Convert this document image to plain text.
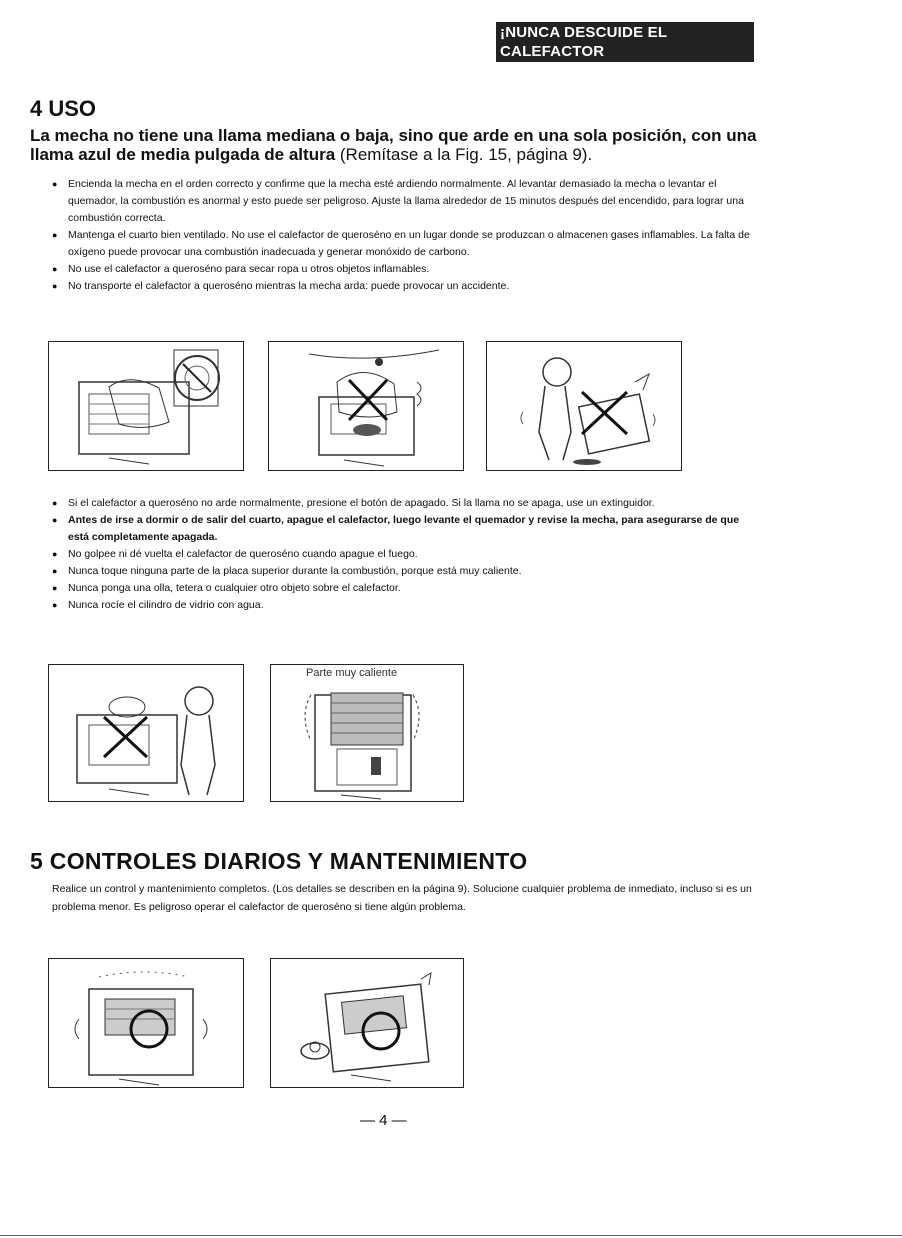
¡NUNCA DESCUIDE EL CALEFACTOR
DURANTE SU FUNCIONAMIENTO!
4 USO
La mecha no tiene una llama mediana o baja, sino que arde en una sola posición, con una llama azul de media pulgada de altura (Remítase a la Fig. 15, página 9).
● Encienda la mecha en el orden correcto y confirme que la mecha esté ardiendo normalmente. Al levantar demasiado la mecha o levantar el quemador, la combustión es anormal y esto puede ser peligroso. Ajuste la llama alrededor de 15 minutos después del encendido, para lograr una combustión correcta.
● Mantenga el cuarto bien ventilado. No use el calefactor de queroséno en un lugar donde se produzcan o almacenen gases inflamables. La falta de oxígeno puede provocar una combustión inadecuada y generar monóxido de carbono.
● No use el calefactor a queroséno para secar ropa u otros objetos inflamables.
● No transporte el calefactor a queroséno mientras la mecha arda: puede provocar un accidente.
● Si el calefactor a queroséno no arde normalmente, presione el botón de apagado. Si la llama no se apaga, use un extinguidor.
● Antes de irse a dormir o de salir del cuarto, apague el calefactor, luego levante el quemador y revise la mecha, para asegurarse de que está completamente apagada.
● No golpee ni dé vuelta el calefactor de queroséno cuando apague el fuego.
● Nunca toque ninguna parte de la placa superior durante la combustión, porque está muy caliente.
● Nunca ponga una olla, tetera o cualquier otro objeto sobre el calefactor.
● Nunca rocíe el cilindro de vidrio con agua.
Parte muy caliente
5 CONTROLES DIARIOS Y MANTENIMIENTO

Realice un control y mantenimiento completos. (Los detalles se describen en la página 9). Solucione cualquier problema de inmediato, incluso si es un problema menor. Es peligroso operar el calefactor de queroséno si tiene algún problema.

— 4 —
